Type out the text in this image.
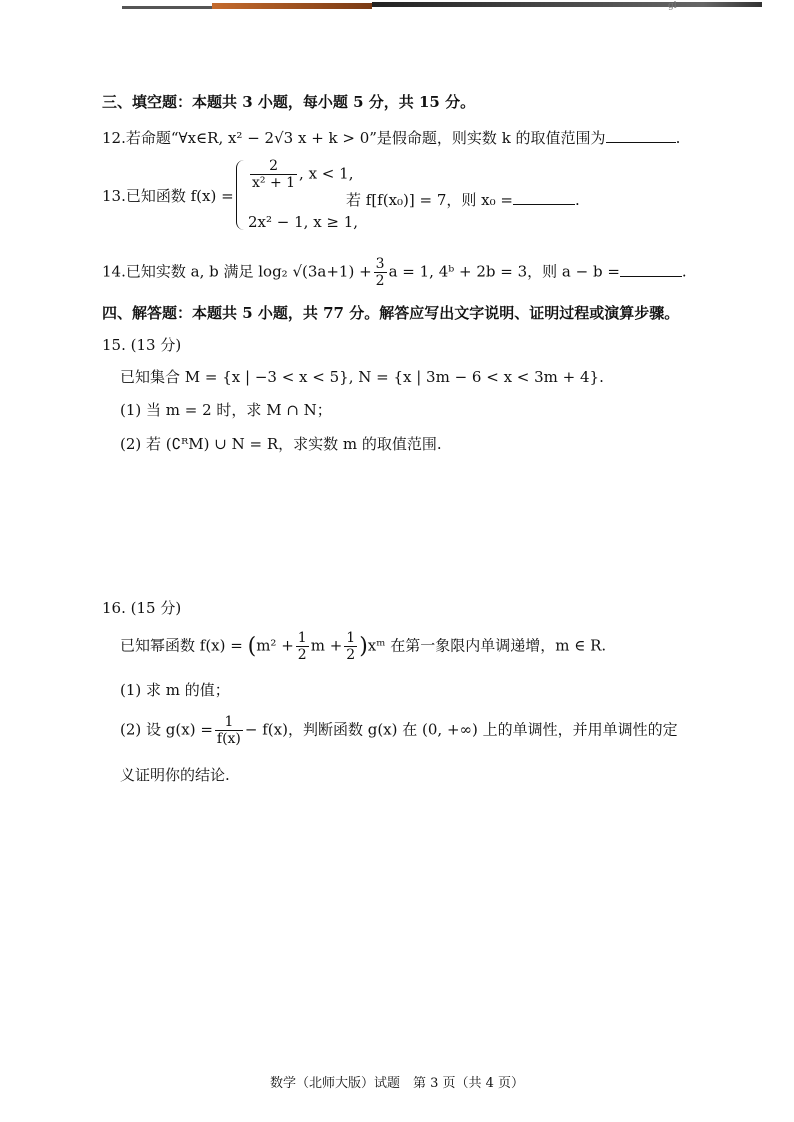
gl
三、填空题：本题共 3 小题，每小题 5 分，共 15 分。
12.若命题“∀x∈R, x² − 2√3 x + k > 0”是假命题，则实数 k 的取值范围为	.
13.已知函数 f(x) =
$\frac{2}{\text{x² + 1}}$ , x < 1,
2x² − 1, x ≥ 1,
若 f[f(x₀)] = 7，则 x₀ =	.
14.已知实数 a, b 满足 log₂ $√(3a+1) + \frac{3}{2}$ a = 1, 4ᵇ + 2b = 3，则 a − b =	.
四、解答题：本题共 5 小题，共 77 分。解答应写出文字说明、证明过程或演算步骤。
15. (13 分)
已知集合 M = {x | −3 < x < 5}, N = {x | 3m − 6 < x < 3m + 4}.
(1) 当 m = 2 时，求 M ∩ N；
(2) 若 (∁ᴿM) ∪ N = R，求实数 m 的取值范围.
16. (15 分)
已知幂函数 $f(x) = (m^2 + \frac{1}{2}$ $m + \frac{1}{2}$ )xᵐ 在第一象限内单调递增，m ∈ R.
(1) 求 m 的值；
(2) 设 $g(x) = \frac{1}{f(x)} - f(x)$，判断函数 g(x) 在 (0, +∞) 上的单调性，并用单调性的定
义证明你的结论.
数学（北师大版）试题　第 3 页（共 4 页）
